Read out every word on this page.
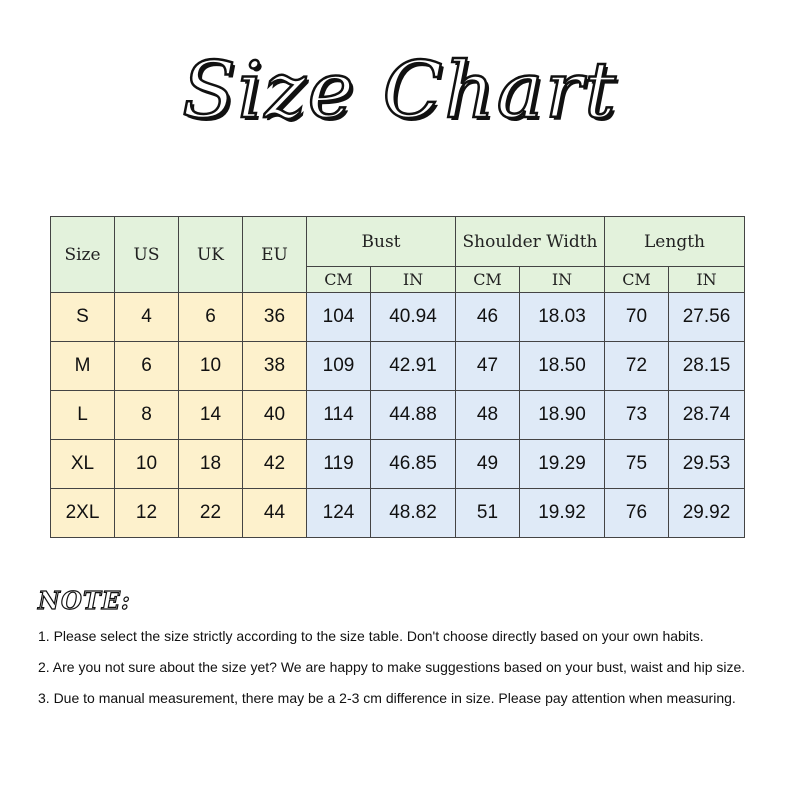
Size Chart
Size	US	UK	EU	Bust		Shoulder Width		Length	
				CM	IN	CM	IN	CM	IN
S	4	6	36	104	40.94	46	18.03	70	27.56
M	6	10	38	109	42.91	47	18.50	72	28.15
L	8	14	40	114	44.88	48	18.90	73	28.74
XL	10	18	42	119	46.85	49	19.29	75	29.53
2XL	12	22	44	124	48.82	51	19.92	76	29.92
NOTE:
1. Please select the size strictly according to the size table. Don't choose directly based on your own habits.
2. Are you not sure about the size yet? We are happy to make suggestions based on your bust, waist and hip size.
3. Due to manual measurement, there may be a 2-3 cm difference in size. Please pay attention when measuring.
